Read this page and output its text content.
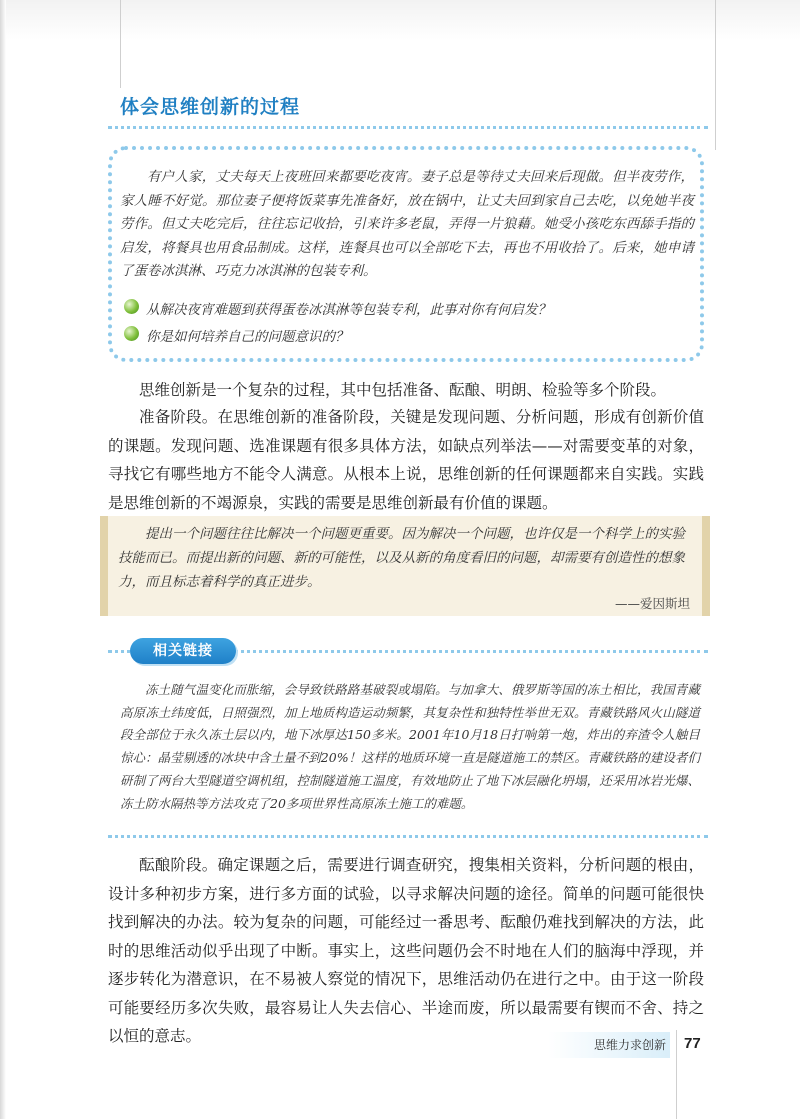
体会思维创新的过程
有户人家，丈夫每天上夜班回来都要吃夜宵。妻子总是等待丈夫回来后现做。但半夜劳作，家人睡不好觉。那位妻子便将饭菜事先准备好，放在锅中，让丈夫回到家自己去吃，以免她半夜劳作。但丈夫吃完后，往往忘记收拾，引来许多老鼠，弄得一片狼藉。她受小孩吃东西舔手指的启发，将餐具也用食品制成。这样，连餐具也可以全部吃下去，再也不用收拾了。后来，她申请了蛋卷冰淇淋、巧克力冰淇淋的包装专利。
从解决夜宵难题到获得蛋卷冰淇淋等包装专利，此事对你有何启发？
你是如何培养自己的问题意识的？
思维创新是一个复杂的过程，其中包括准备、酝酿、明朗、检验等多个阶段。
准备阶段。在思维创新的准备阶段，关键是发现问题、分析问题，形成有创新价值的课题。发现问题、选准课题有很多具体方法，如缺点列举法——对需要变革的对象，寻找它有哪些地方不能令人满意。从根本上说，思维创新的任何课题都来自实践。实践是思维创新的不竭源泉，实践的需要是思维创新最有价值的课题。
提出一个问题往往比解决一个问题更重要。因为解决一个问题，也许仅是一个科学上的实验技能而已。而提出新的问题、新的可能性，以及从新的角度看旧的问题，却需要有创造性的想象力，而且标志着科学的真正进步。
——爱因斯坦
相关链接
冻土随气温变化而胀缩，会导致铁路路基破裂或塌陷。与加拿大、俄罗斯等国的冻土相比，我国青藏高原冻土纬度低，日照强烈，加上地质构造运动频繁，其复杂性和独特性举世无双。青藏铁路风火山隧道段全部位于永久冻土层以内，地下冰厚达150多米。2001年10月18日打响第一炮，炸出的弃渣令人触目惊心：晶莹剔透的冰块中含土量不到20%！这样的地质环境一直是隧道施工的禁区。青藏铁路的建设者们研制了两台大型隧道空调机组，控制隧道施工温度，有效地防止了地下冰层融化坍塌，还采用冰岩光爆、冻土防水隔热等方法攻克了20多项世界性高原冻土施工的难题。
酝酿阶段。确定课题之后，需要进行调查研究，搜集相关资料，分析问题的根由，设计多种初步方案，进行多方面的试验，以寻求解决问题的途径。简单的问题可能很快找到解决的办法。较为复杂的问题，可能经过一番思考、酝酿仍难找到解决的方法，此时的思维活动似乎出现了中断。事实上，这些问题仍会不时地在人们的脑海中浮现，并逐步转化为潜意识，在不易被人察觉的情况下，思维活动仍在进行之中。由于这一阶段可能要经历多次失败，最容易让人失去信心、半途而废，所以最需要有锲而不舍、持之以恒的意志。	思维力求创新 77
